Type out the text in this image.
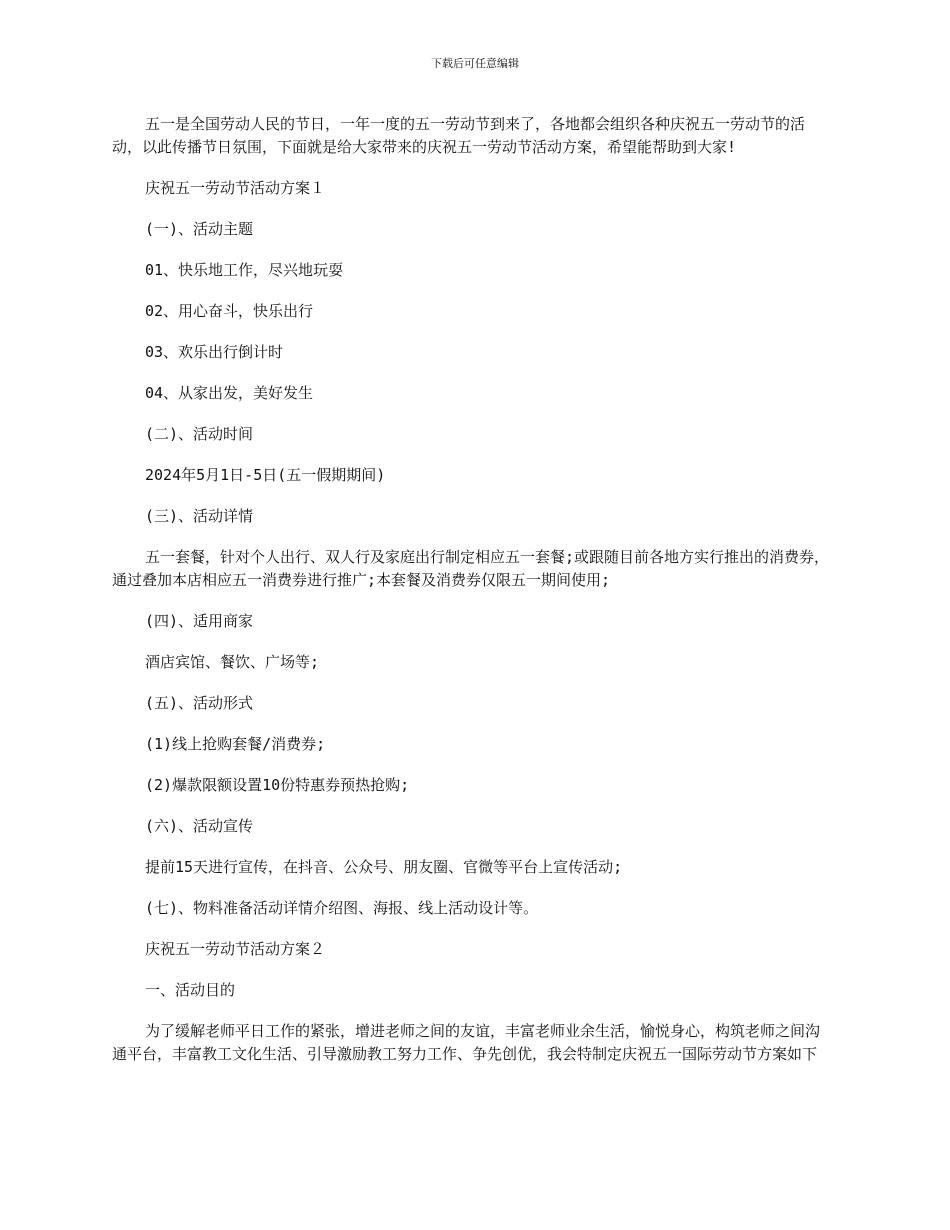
下载后可任意编辑

五一是全国劳动人民的节日，一年一度的五一劳动节到来了，各地都会组织各种庆祝五一劳动节的活动，以此传播节日氛围，下面就是给大家带来的庆祝五一劳动节活动方案，希望能帮助到大家!

庆祝五一劳动节活动方案１

(一)、活动主题

01、快乐地工作，尽兴地玩耍

02、用心奋斗，快乐出行

03、欢乐出行倒计时

04、从家出发，美好发生

(二)、活动时间

2024年5月1日-5日(五一假期期间)

(三)、活动详情

五一套餐，针对个人出行、双人行及家庭出行制定相应五一套餐;或跟随目前各地方实行推出的消费券，通过叠加本店相应五一消费券进行推广;本套餐及消费券仅限五一期间使用;

(四)、适用商家

酒店宾馆、餐饮、广场等;

(五)、活动形式

(1)线上抢购套餐/消费券;

(2)爆款限额设置10份特惠券预热抢购;

(六)、活动宣传

提前15天进行宣传，在抖音、公众号、朋友圈、官微等平台上宣传活动;

(七)、物料准备活动详情介绍图、海报、线上活动设计等。

庆祝五一劳动节活动方案２

一、活动目的

为了缓解老师平日工作的紧张，增进老师之间的友谊，丰富老师业余生活，愉悦身心，构筑老师之间沟通平台，丰富教工文化生活、引导激励教工努力工作、争先创优，我会特制定庆祝五一国际劳动节方案如下
